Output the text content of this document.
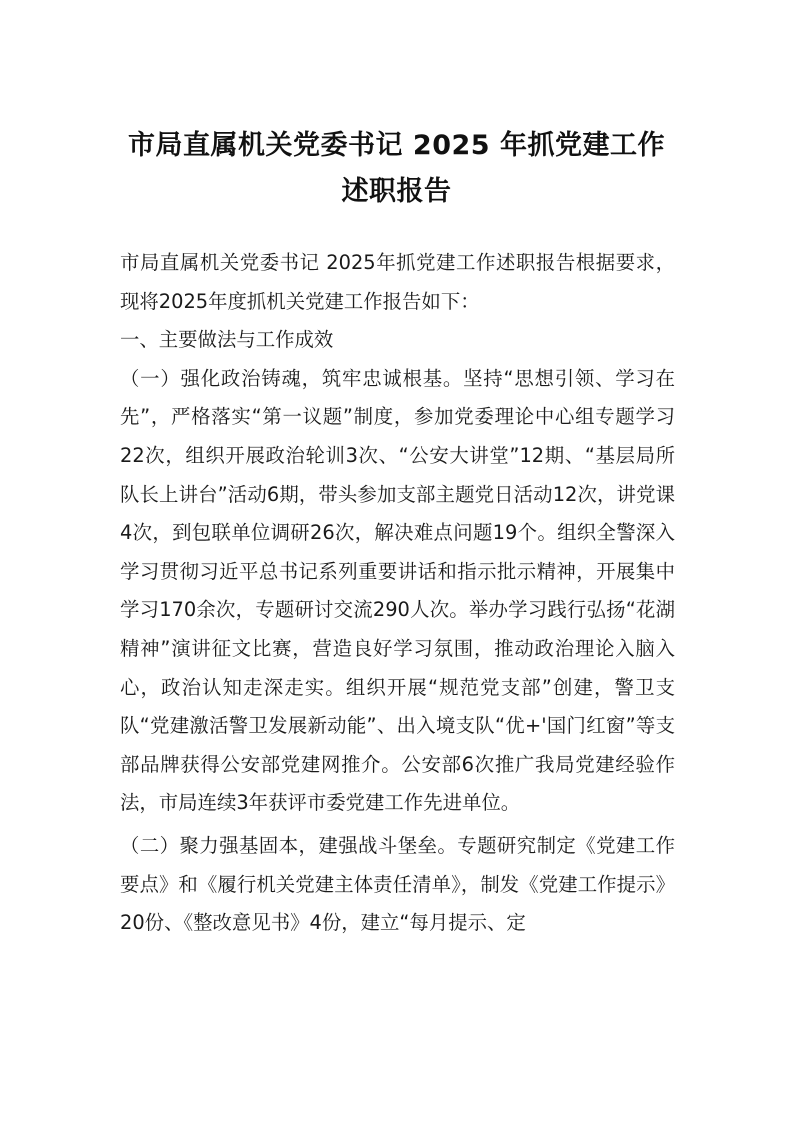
市局直属机关党委书记 2025 年抓党建工作
述职报告

市局直属机关党委书记 2025年抓党建工作述职报告根据要求，现将2025年度抓机关党建工作报告如下：

一、主要做法与工作成效

（一）强化政治铸魂，筑牢忠诚根基。坚持“思想引领、学习在先”，严格落实“第一议题”制度，参加党委理论中心组专题学习22次，组织开展政治轮训3次、“公安大讲堂”12期、“基层局所队长上讲台”活动6期，带头参加支部主题党日活动12次，讲党课4次，到包联单位调研26次，解决难点问题19个。组织全警深入学习贯彻习近平总书记系列重要讲话和指示批示精神，开展集中学习170余次，专题研讨交流290人次。举办学习践行弘扬“花湖精神”演讲征文比赛，营造良好学习氛围，推动政治理论入脑入心，政治认知走深走实。组织开展“规范党支部”创建，警卫支队“党建激活警卫发展新动能”、出入境支队“优+'国门红窗”等支部品牌获得公安部党建网推介。公安部6次推广我局党建经验作法，市局连续3年获评市委党建工作先进单位。

（二）聚力强基固本，建强战斗堡垒。专题研究制定《党建工作要点》和《履行机关党建主体责任清单》，制发《党建工作提示》20份、《整改意见书》4份，建立“每月提示、定
